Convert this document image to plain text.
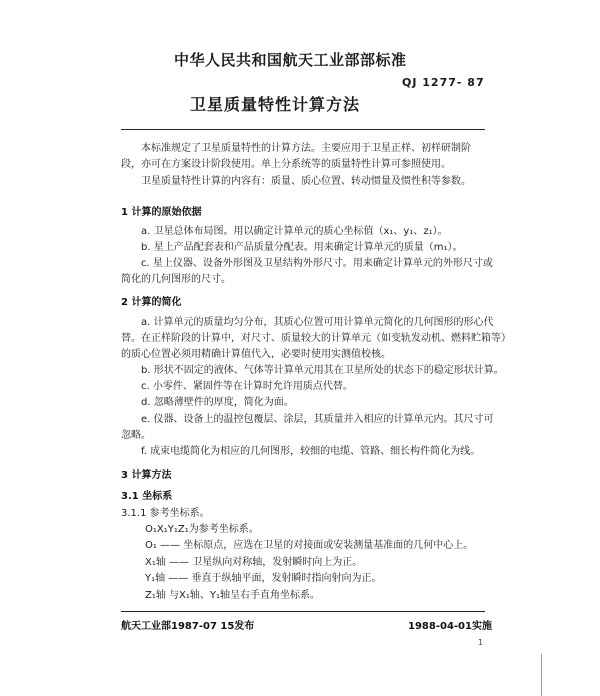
中华人民共和国航天工业部部标准
QJ 1277- 87
卫星质量特性计算方法
本标准规定了卫星质量特性的计算方法。主要应用于卫星正样、初样研制阶段，亦可在方案设计阶段使用。单上分系统等的质量特性计算可参照使用。
卫星质量特性计算的内容有：质量、质心位置、转动惯量及惯性积等参数。
1 计算的原始依据
a. 卫星总体布局图。用以确定计算单元的质心坐标值（x₁、y₁、z₁）。
b. 星上产品配套表和产品质量分配表。用来确定计算单元的质量（m₁）。
c. 星上仪器、设备外形图及卫星结构外形尺寸。用来确定计算单元的外形尺寸或
简化的几何图形的尺寸。
2 计算的简化
a. 计算单元的质量均匀分布，其质心位置可用计算单元简化的几何图形的形心代
替。在正样阶段的计算中，对尺寸、质量较大的计算单元（如变轨发动机、燃料贮箱等）
的质心位置必须用精确计算值代入，必要时使用实测值校核。
b. 形状不固定的液体、气体等计算单元用其在卫星所处的状态下的稳定形状计算。
c. 小零件、紧固件等在计算时允许用质点代替。
d. 忽略薄壁件的厚度，简化为面。
e. 仪器、设备上的温控包覆层、涂层，其质量并入相应的计算单元内。其尺寸可
忽略。
f. 成束电缆简化为相应的几何图形，较细的电缆、管路、细长构件简化为线。
3 计算方法
3.1 坐标系
3.1.1 参考坐标系。
O₁X₁Y₁Z₁为参考坐标系。
O₁ —— 坐标原点，应选在卫星的对接面或安装测量基准面的几何中心上。
X₁轴 —— 卫星纵向对称轴，发射瞬时向上为正。
Y₁轴 —— 垂直于纵轴平面，发射瞬时指向射向为正。
Z₁轴 与X₁轴、Y₁轴呈右手直角坐标系。
航天工业部1987-07 15发布	1988-04-01实施
1
